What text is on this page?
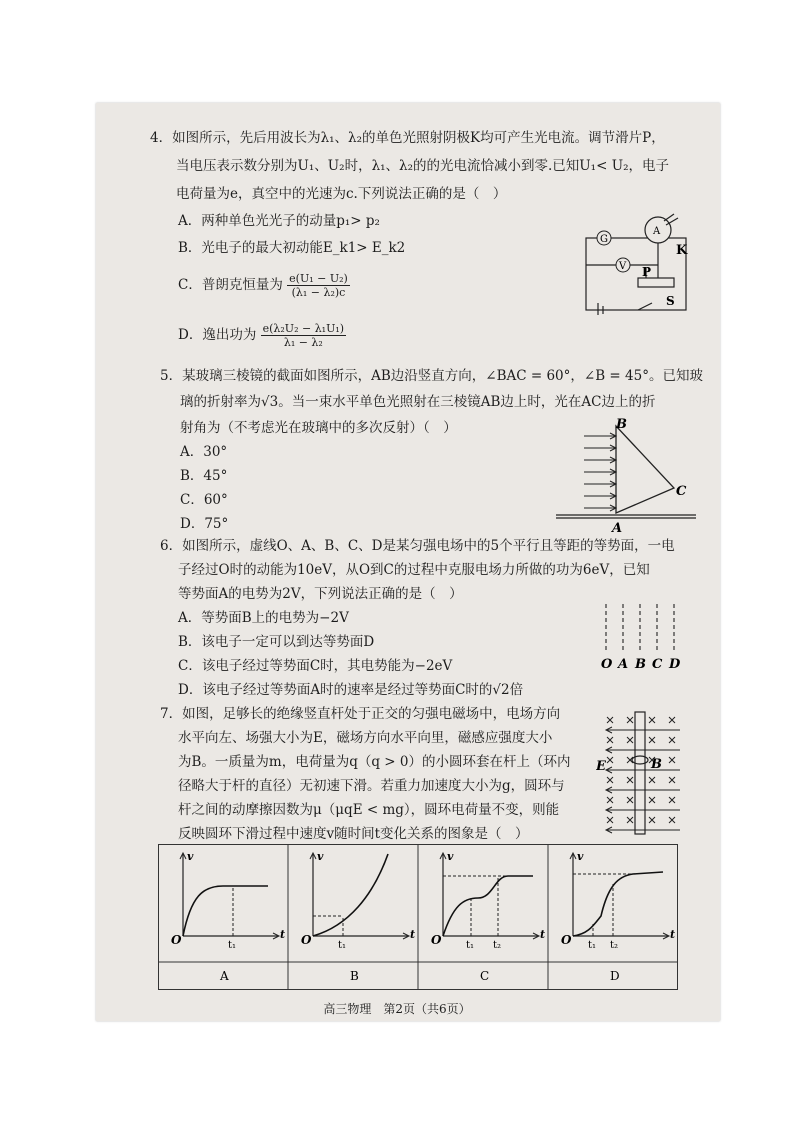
4．如图所示，先后用波长为λ₁、λ₂的单色光照射阴极K均可产生光电流。调节滑片P，
当电压表示数分别为U₁、U₂时，λ₁、λ₂的的光电流恰减小到零.已知U₁< U₂，电子
电荷量为e，真空中的光速为c.下列说法正确的是（　）
A．两种单色光光子的动量p₁> p₂
B．光电子的最大初动能E_k1> E_k2
C．普朗克恒量为 $\frac{\text{e(U₁ − U₂)}}{\text{(λ₁ − λ₂)c}}$
D．逸出功为 $\frac{\text{e(λ₂U₂ − λ₁U₁)}}{\text{λ₁ − λ₂}}$
G
V
A
K
P
S
5．某玻璃三棱镜的截面如图所示，AB边沿竖直方向，∠BAC = 60°，∠B = 45°。已知玻
璃的折射率为√3。当一束水平单色光照射在三棱镜AB边上时，光在AC边上的折
射角为（不考虑光在玻璃中的多次反射）（　）
A．30°
B．45°
C．60°
D．75°
B
C
A
6．如图所示，虚线O、A、B、C、D是某匀强电场中的5个平行且等距的等势面，一电
子经过O时的动能为10eV，从O到C的过程中克服电场力所做的功为6eV，已知
等势面A的电势为2V，下列说法正确的是（　）
A．等势面B上的电势为−2V
B．该电子一定可以到达等势面D
C．该电子经过等势面C时，其电势能为−2eV
D．该电子经过等势面A时的速率是经过等势面C时的√2倍
O A B C D
7．如图，足够长的绝缘竖直杆处于正交的匀强电磁场中，电场方向
水平向左、场强大小为E，磁场方向水平向里，磁感应强度大小
为B。一质量为m，电荷量为q（q > 0）的小圆环套在杆上（环内
径略大于杆的直径）无初速下滑。若重力加速度大小为g，圆环与
杆之间的动摩擦因数为μ（μqE < mg），圆环电荷量不变，则能
反映圆环下滑过程中速度v随时间t变化关系的图象是（　）
E	B
v
t
O	t₁
A
v
t
O	t₁
B
v
t
O t₁ t₂
C
v
t
O t₁ t₂
D
高三物理　第2页（共6页）
